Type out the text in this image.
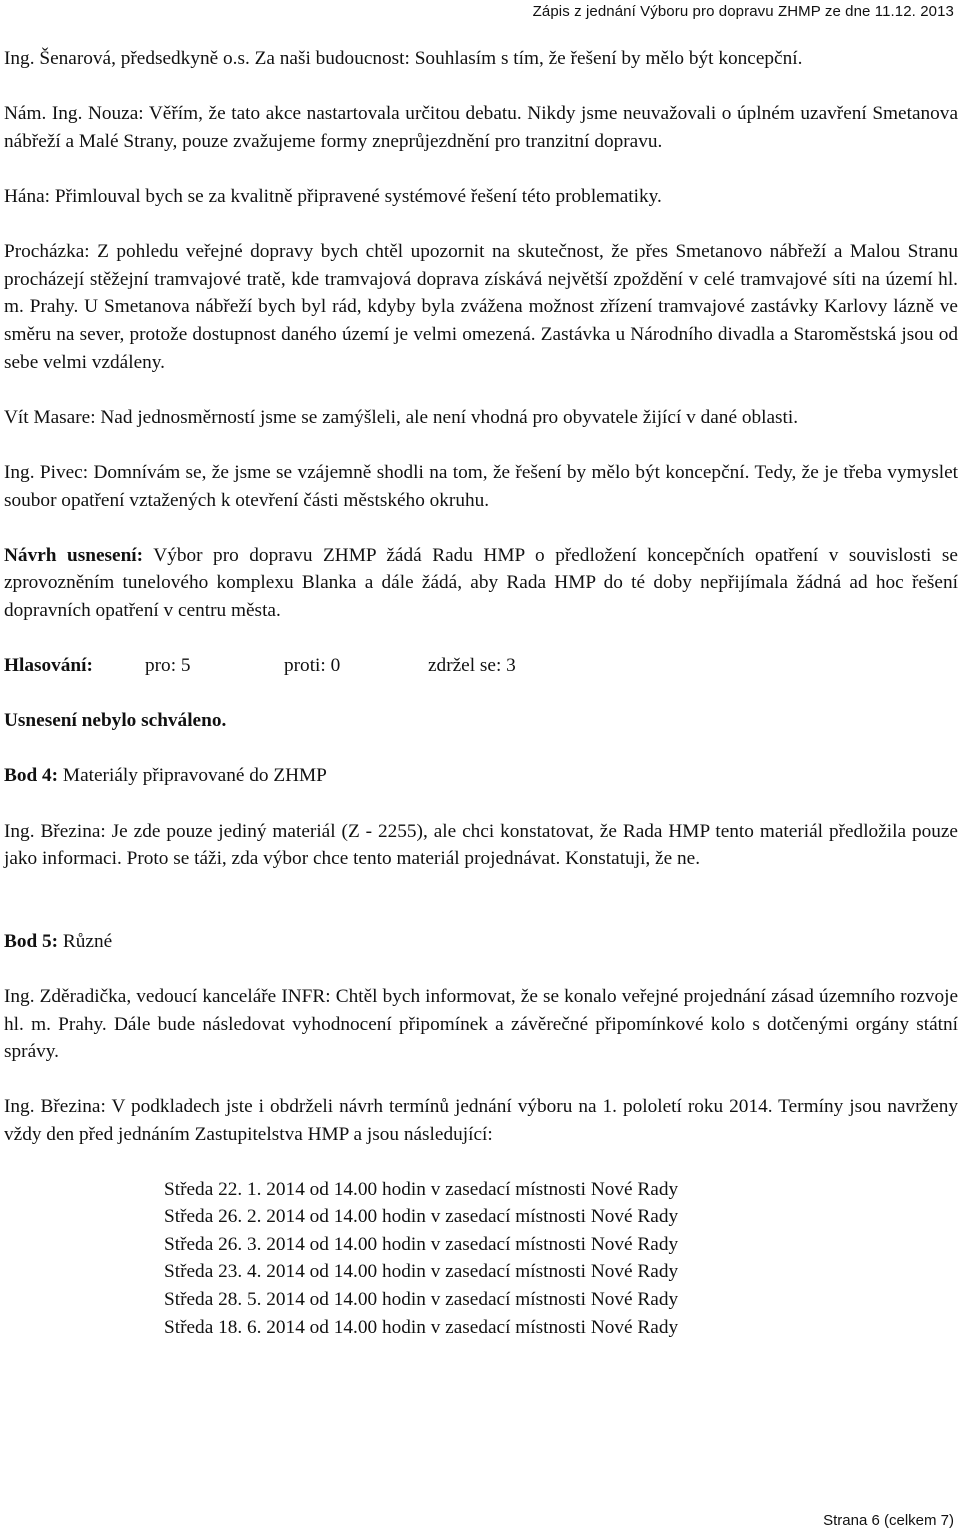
Zápis z jednání Výboru pro dopravu ZHMP ze dne 11.12. 2013

Ing. Šenarová, předsedkyně o.s. Za naši budoucnost: Souhlasím s tím, že řešení by mělo být koncepční.

Nám. Ing. Nouza: Věřím, že tato akce nastartovala určitou debatu. Nikdy jsme neuvažovali o úplném uzavření Smetanova nábřeží a Malé Strany, pouze zvažujeme formy zneprůjezdnění pro tranzitní dopravu.

Hána: Přimlouval bych se za kvalitně připravené systémové řešení této problematiky.

Procházka: Z pohledu veřejné dopravy bych chtěl upozornit na skutečnost, že přes Smetanovo nábřeží a Malou Stranu procházejí stěžejní tramvajové tratě, kde tramvajová doprava získává největší zpoždění v celé tramvajové síti na území hl. m. Prahy. U Smetanova nábřeží bych byl rád, kdyby byla zvážena možnost zřízení tramvajové zastávky Karlovy lázně ve směru na sever, protože dostupnost daného území je velmi omezená. Zastávka u Národního divadla a Staroměstská jsou od sebe velmi vzdáleny.

Vít Masare: Nad jednosměrností jsme se zamýšleli, ale není vhodná pro obyvatele žijící v dané oblasti.

Ing. Pivec: Domnívám se, že jsme se vzájemně shodli na tom, že řešení by mělo být koncepční. Tedy, že je třeba vymyslet soubor opatření vztažených k otevření části městského okruhu.

Návrh usnesení: Výbor pro dopravu ZHMP žádá Radu HMP o předložení koncepčních opatření v souvislosti se zprovozněním tunelového komplexu Blanka a dále žádá, aby Rada HMP do té doby nepřijímala žádná ad hoc řešení dopravních opatření v centru města.

Hlasování:	pro: 5	proti: 0	zdržel se: 3

Usnesení nebylo schváleno.

Bod 4: Materiály připravované do ZHMP

Ing. Březina: Je zde pouze jediný materiál (Z - 2255), ale chci konstatovat, že Rada HMP tento materiál předložila pouze jako informaci. Proto se táži, zda výbor chce tento materiál projednávat. Konstatuji, že ne.

Bod 5: Různé

Ing. Zděradička, vedoucí kanceláře INFR: Chtěl bych informovat, že se konalo veřejné projednání zásad územního rozvoje hl. m. Prahy. Dále bude následovat vyhodnocení připomínek a závěrečné připomínkové kolo s dotčenými orgány státní správy.

Ing. Březina: V podkladech jste i obdrželi návrh termínů jednání výboru na 1. pololetí roku 2014. Termíny jsou navrženy vždy den před jednáním Zastupitelstva HMP a jsou následující:

Středa 22. 1. 2014 od 14.00 hodin v zasedací místnosti Nové Rady
Středa 26. 2. 2014 od 14.00 hodin v zasedací místnosti Nové Rady
Středa 26. 3. 2014 od 14.00 hodin v zasedací místnosti Nové Rady
Středa 23. 4. 2014 od 14.00 hodin v zasedací místnosti Nové Rady
Středa 28. 5. 2014 od 14.00 hodin v zasedací místnosti Nové Rady
Středa 18. 6. 2014 od 14.00 hodin v zasedací místnosti Nové Rady
Strana 6 (celkem 7)
